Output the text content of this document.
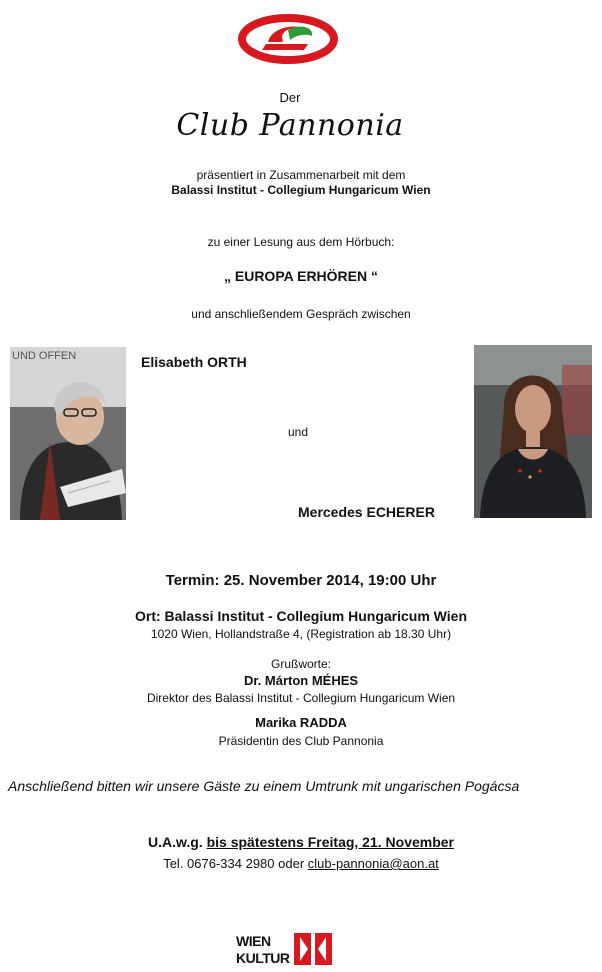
Der
Club Pannonia
präsentiert in Zusammenarbeit mit dem
Balassi Institut - Collegium Hungaricum Wien
zu einer Lesung aus dem Hörbuch:
„ EUROPA ERHÖREN “
und anschließendem Gespräch zwischen
UND OFFEN	Elisabeth ORTH
und
Mercedes ECHERER
Termin: 25. November 2014, 19:00 Uhr
Ort: Balassi Institut - Collegium Hungaricum Wien
1020 Wien, Hollandstraße 4, (Registration ab 18.30 Uhr)
Grußworte:
Dr. Márton MÉHES
Direktor des Balassi Institut - Collegium Hungaricum Wien
Marika RADDA
Präsidentin des Club Pannonia
Anschließend bitten wir unsere Gäste zu einem Umtrunk mit ungarischen Pogácsa
U.A.w.g. bis spätestens Freitag, 21. November
Tel. 0676-334 2980 oder club-pannonia@aon.at
WIEN
KULTUR
